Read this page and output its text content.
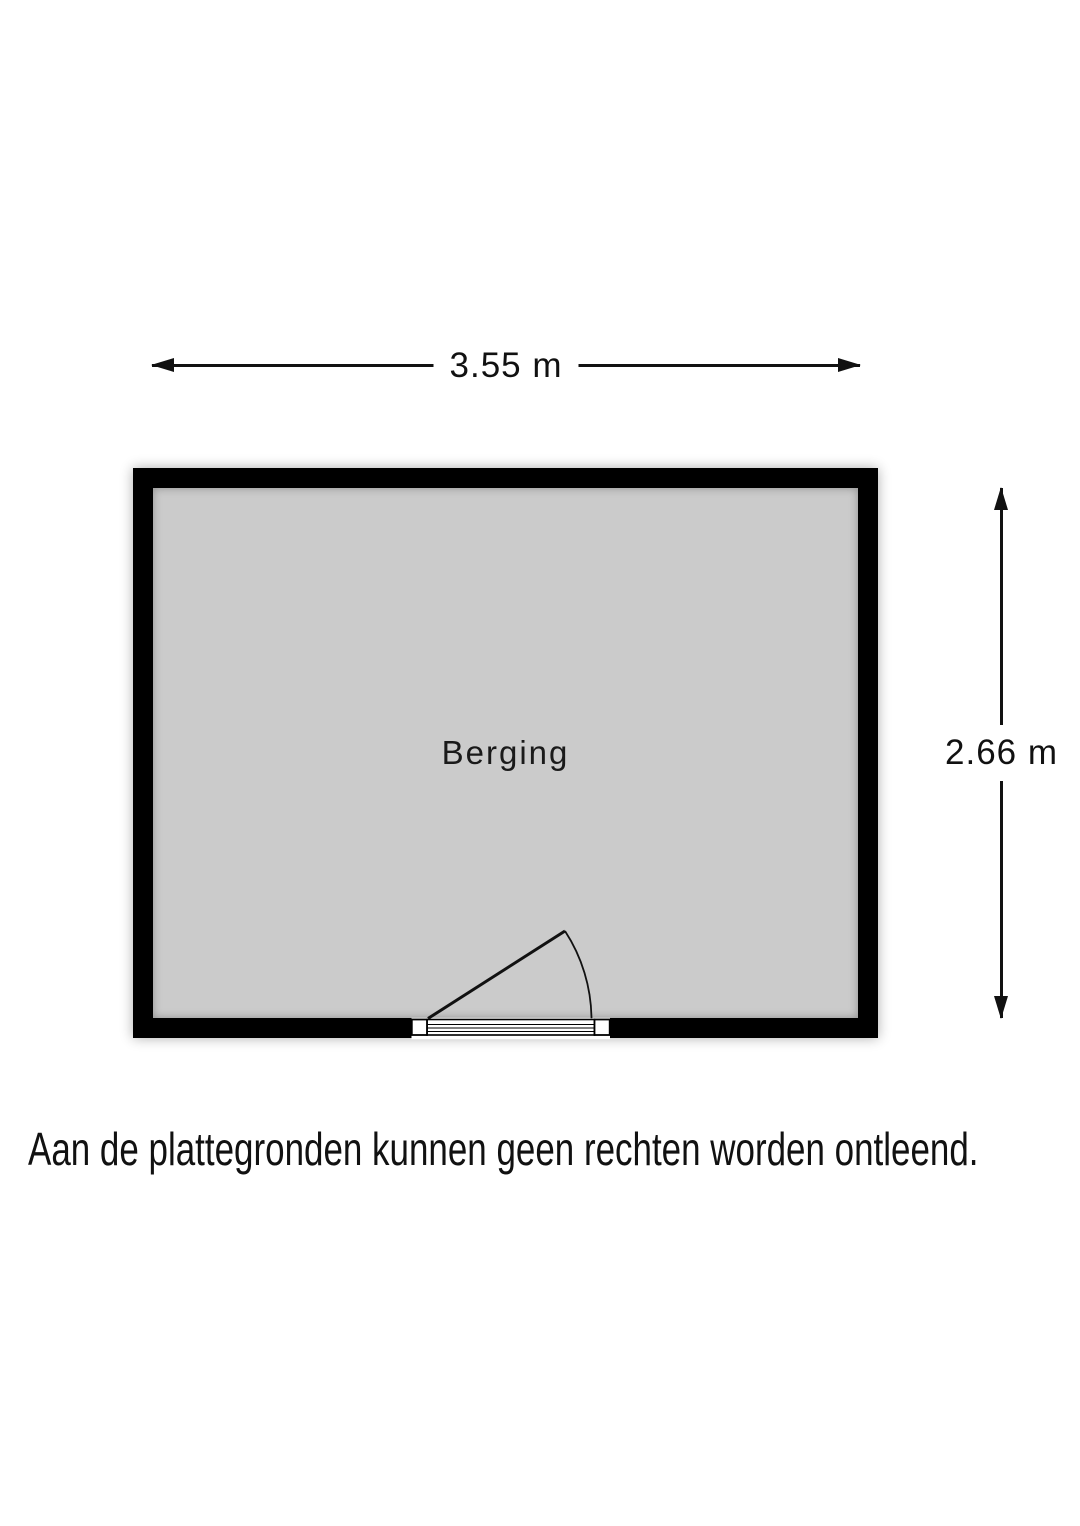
3.55 m
Berging	2.66 m
Aan de plattegronden kunnen geen rechten worden ontleend.
